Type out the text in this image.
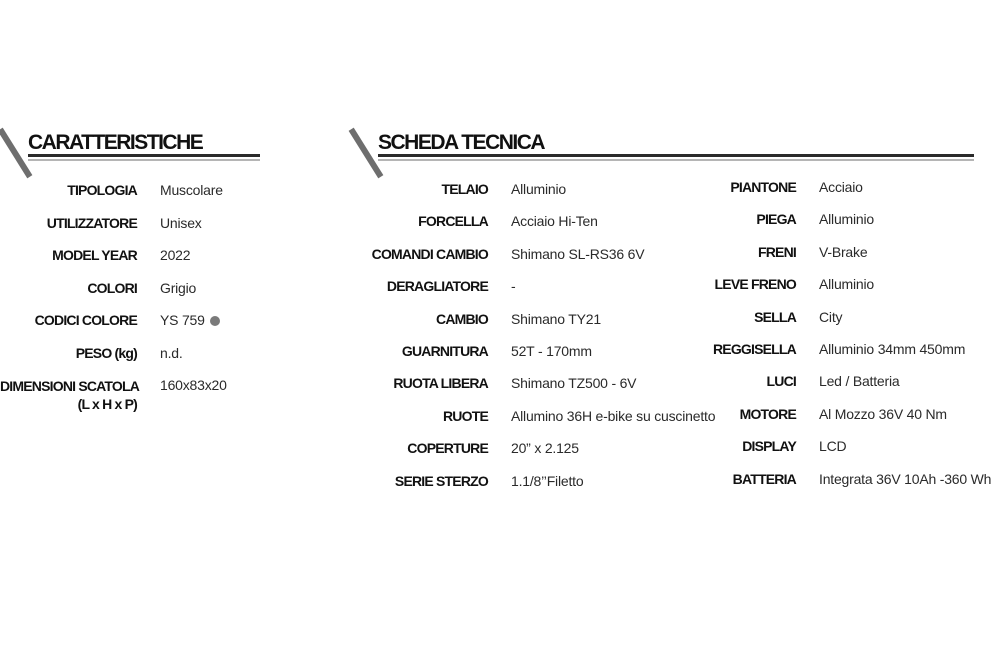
CARATTERISTICHE
TIPOLOGIA Muscolare
UTILIZZATORE Unisex
MODEL YEAR 2022
COLORI Grigio
CODICI COLORE YS 759
PESO (kg) n.d.
DIMENSIONI SCATOLA
(L x H x P)
160x83x20
SCHEDA TECNICA
TELAIO Alluminio
FORCELLA Acciaio Hi-Ten
COMANDI CAMBIO Shimano SL-RS36 6V
DERAGLIATORE -
CAMBIO Shimano TY21
GUARNITURA 52T - 170mm
RUOTA LIBERA Shimano TZ500 - 6V
RUOTE Allumino 36H e-bike su cuscinetto
COPERTURE 20” x 2.125
SERIE STERZO 1.1/8’’Filetto
PIANTONE Acciaio
PIEGA Alluminio
FRENI V-Brake
LEVE FRENO Alluminio
SELLA City
REGGISELLA Alluminio 34mm 450mm
LUCI Led / Batteria
MOTORE Al Mozzo 36V 40 Nm
DISPLAY LCD
BATTERIA Integrata 36V 10Ah -360 Wh
